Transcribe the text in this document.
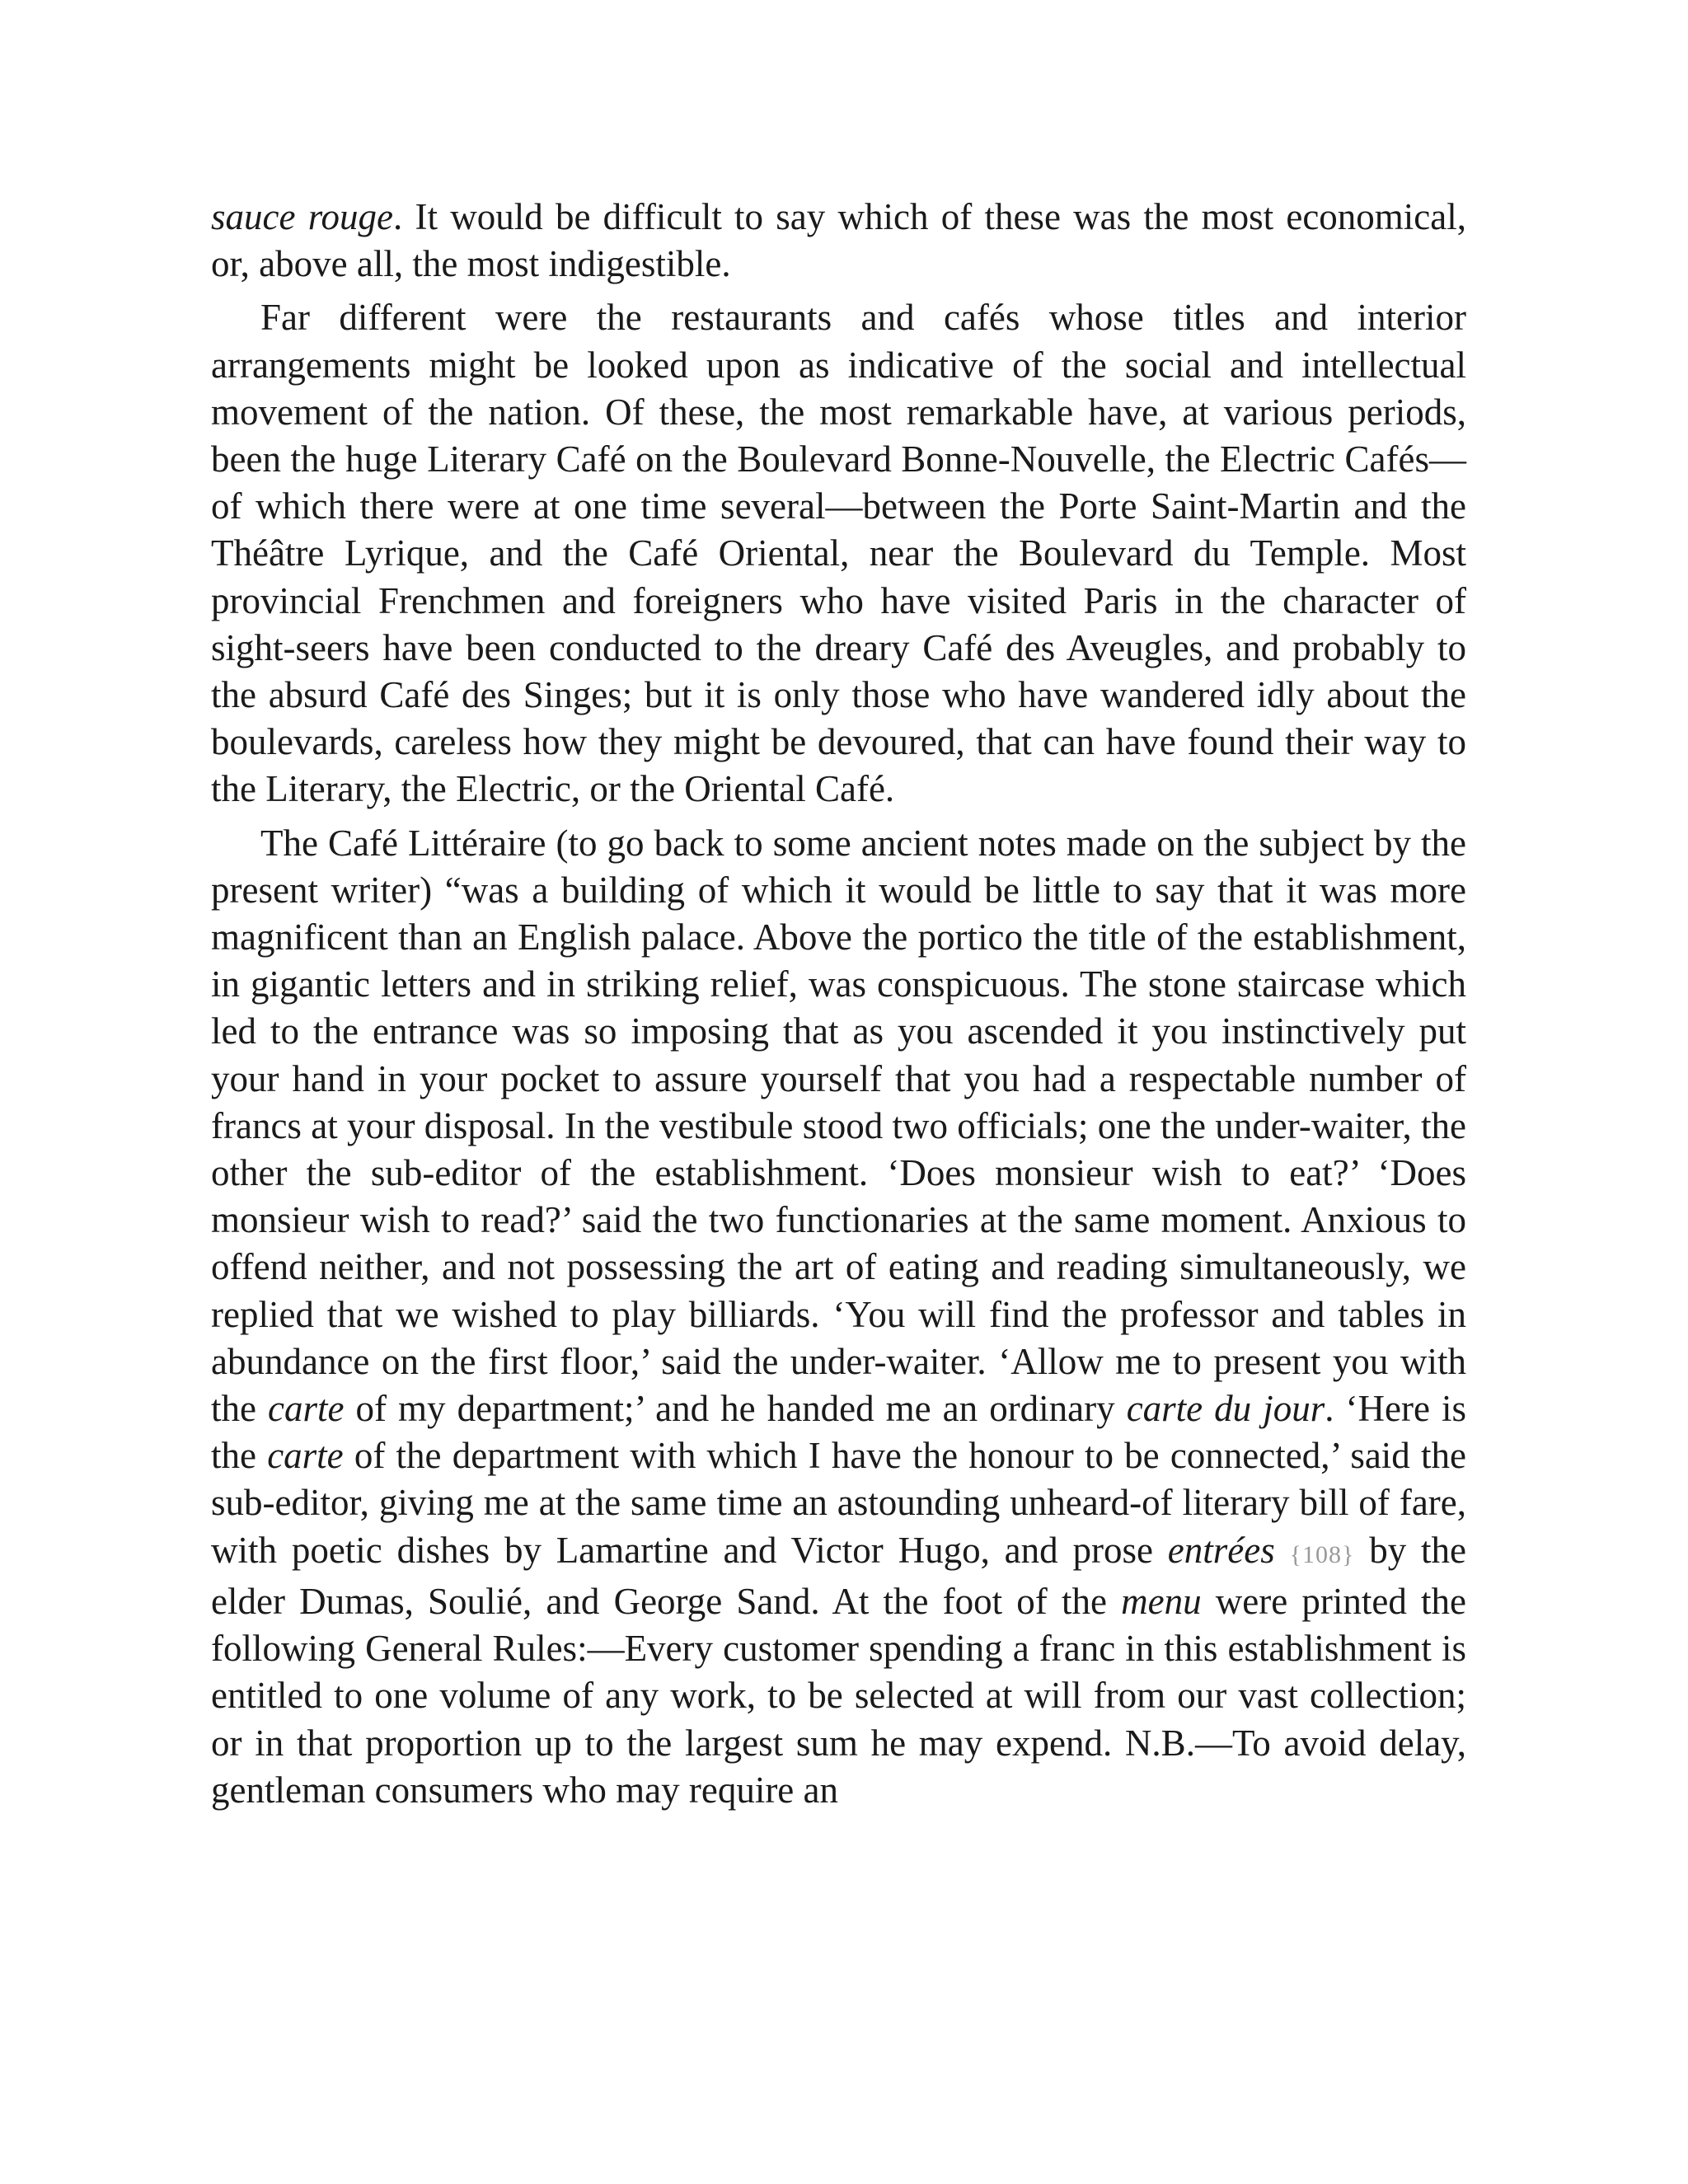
sauce rouge. It would be difficult to say which of these was the most economical, or, above all, the most indigestible.

Far different were the restaurants and cafés whose titles and interior arrangements might be looked upon as indicative of the social and intellectual movement of the nation. Of these, the most remarkable have, at various periods, been the huge Literary Café on the Boulevard Bonne-Nouvelle, the Electric Cafés—of which there were at one time several—between the Porte Saint-Martin and the Théâtre Lyrique, and the Café Oriental, near the Boulevard du Temple. Most provincial Frenchmen and foreigners who have visited Paris in the character of sight-seers have been conducted to the dreary Café des Aveugles, and probably to the absurd Café des Singes; but it is only those who have wandered idly about the boulevards, careless how they might be devoured, that can have found their way to the Literary, the Electric, or the Oriental Café.

The Café Littéraire (to go back to some ancient notes made on the subject by the present writer) “was a building of which it would be little to say that it was more magnificent than an English palace. Above the portico the title of the establishment, in gigantic letters and in striking relief, was conspicuous. The stone staircase which led to the entrance was so imposing that as you ascended it you instinctively put your hand in your pocket to assure yourself that you had a respectable number of francs at your disposal. In the vestibule stood two officials; one the under-waiter, the other the sub-editor of the establishment. ‘Does monsieur wish to eat?’ ‘Does monsieur wish to read?’ said the two functionaries at the same moment. Anxious to offend neither, and not possessing the art of eating and reading simultaneously, we replied that we wished to play billiards. ‘You will find the professor and tables in abundance on the first floor,’ said the under-waiter. ‘Allow me to present you with the carte of my department;’ and he handed me an ordinary carte du jour. ‘Here is the carte of the department with which I have the honour to be connected,’ said the sub-editor, giving me at the same time an astounding unheard-of literary bill of fare, with poetic dishes by Lamartine and Victor Hugo, and prose entrées {108} by the elder Dumas, Soulié, and George Sand. At the foot of the menu were printed the following General Rules:—Every customer spending a franc in this establishment is entitled to one volume of any work, to be selected at will from our vast collection; or in that proportion up to the largest sum he may expend. N.B.—To avoid delay, gentleman consumers who may require an
